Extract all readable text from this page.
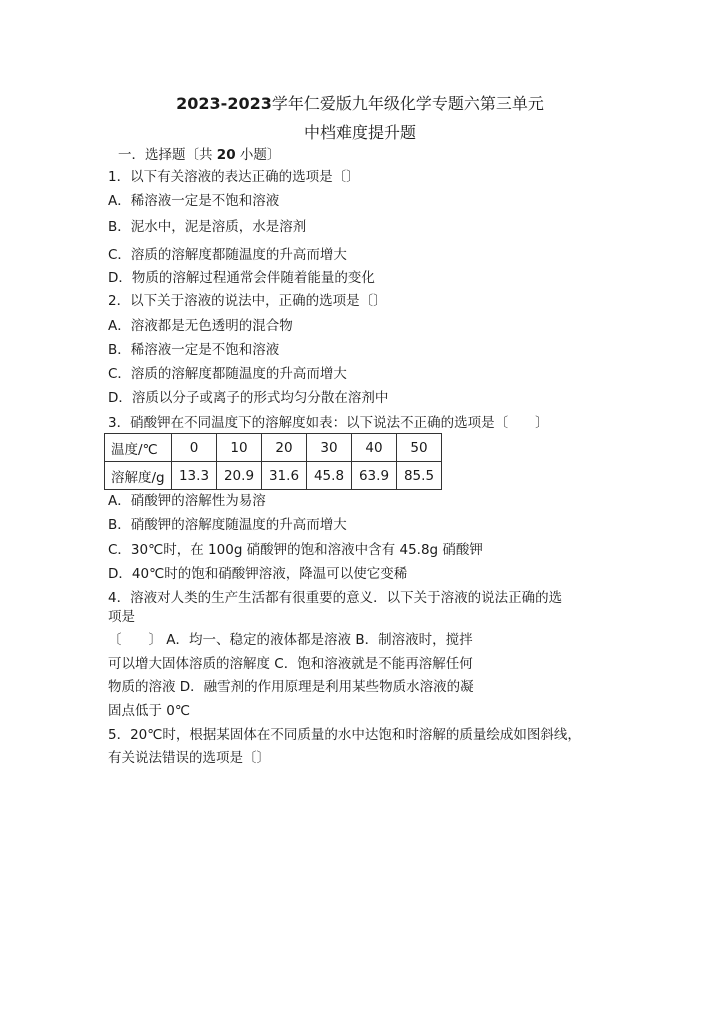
2023-2023学年仁爱版九年级化学专题六第三单元
中档难度提升题
一．选择题〔共 20 小题〕
1．以下有关溶液的表达正确的选项是〔〕
A．稀溶液一定是不饱和溶液
B．泥水中，泥是溶质，水是溶剂
C．溶质的溶解度都随温度的升高而增大
D．物质的溶解过程通常会伴随着能量的变化
2．以下关于溶液的说法中，正确的选项是〔〕
A．溶液都是无色透明的混合物
B．稀溶液一定是不饱和溶液
C．溶质的溶解度都随温度的升高而增大
D．溶质以分子或离子的形式均匀分散在溶剂中
3．硝酸钾在不同温度下的溶解度如表：以下说法不正确的选项是〔　　〕
温度/℃	0	10	20	30	40	50
溶解度/g	13.3	20.9	31.6	45.8	63.9	85.5
A．硝酸钾的溶解性为易溶
B．硝酸钾的溶解度随温度的升高而增大
C．30℃时，在 100g 硝酸钾的饱和溶液中含有 45.8g 硝酸钾
D．40℃时的饱和硝酸钾溶液，降温可以使它变稀
4．溶液对人类的生产生活都有很重要的意义．以下关于溶液的说法正确的选
项是
〔　　〕 A．均一、稳定的液体都是溶液 B．制溶液时，搅拌
可以增大固体溶质的溶解度 C．饱和溶液就是不能再溶解任何
物质的溶液 D．融雪剂的作用原理是利用某些物质水溶液的凝
固点低于 0℃
5．20℃时，根据某固体在不同质量的水中达饱和时溶解的质量绘成如图斜线，
有关说法错误的选项是〔〕
